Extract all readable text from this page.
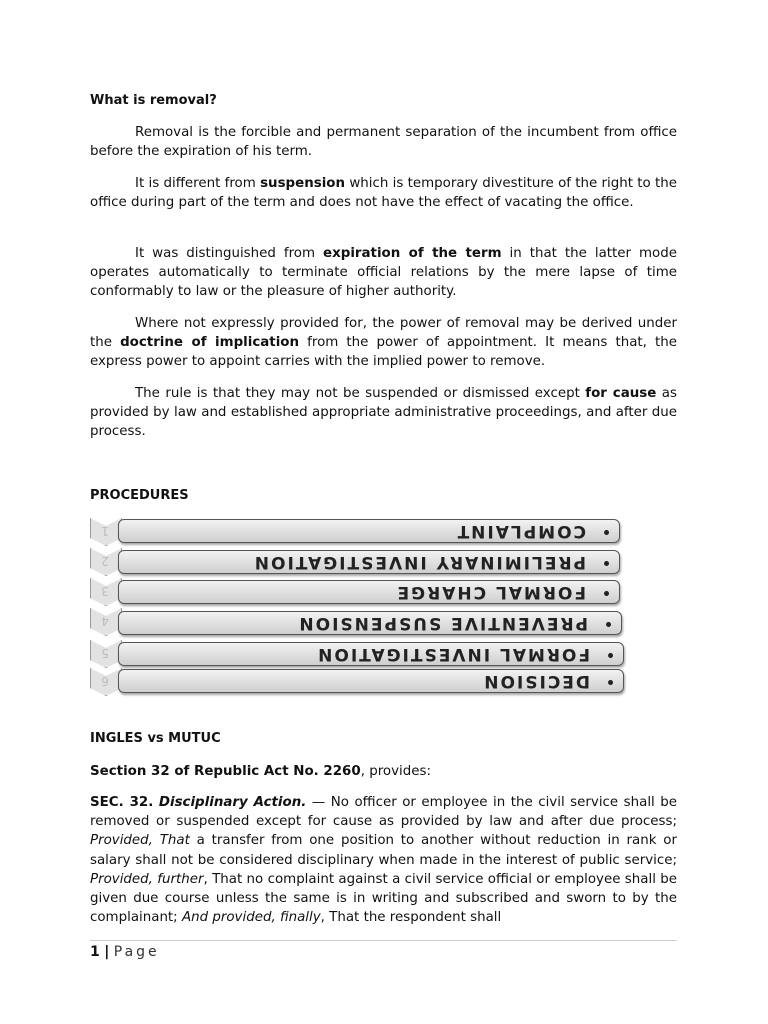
What is removal?

Removal is the forcible and permanent separation of the incumbent from office before the expiration of his term.

It is different from suspension which is temporary divestiture of the right to the office during part of the term and does not have the effect of vacating the office.

It was distinguished from expiration of the term in that the latter mode operates automatically to terminate official relations by the mere lapse of time conformably to law or the pleasure of higher authority.

Where not expressly provided for, the power of removal may be derived under the doctrine of implication from the power of appointment. It means that, the express power to appoint carries with the implied power to remove.

The rule is that they may not be suspended or dismissed except for cause as provided by law and established appropriate administrative proceedings, and after due process.

PROCEDURES
INGLES vs MUTUC

Section 32 of Republic Act No. 2260, provides:

SEC. 32. Disciplinary Action. — No officer or employee in the civil service shall be removed or suspended except for cause as provided by law and after due process; Provided, That a transfer from one position to another without reduction in rank or salary shall not be considered disciplinary when made in the interest of public service; Provided, further, That no complaint against a civil service official or employee shall be given due course unless the same is in writing and subscribed and sworn to by the complainant; And provided, finally, That the respondent shall

1	•
COMPLAINT
2	•
PRELIMINARY INVESTIGATION
3	•
FORMAL CHARGE
4	•
PREVENTIVE SUSPENSION
5	•
FORMAL INVESTIGATION
6	•
DECISION
1 | Page
